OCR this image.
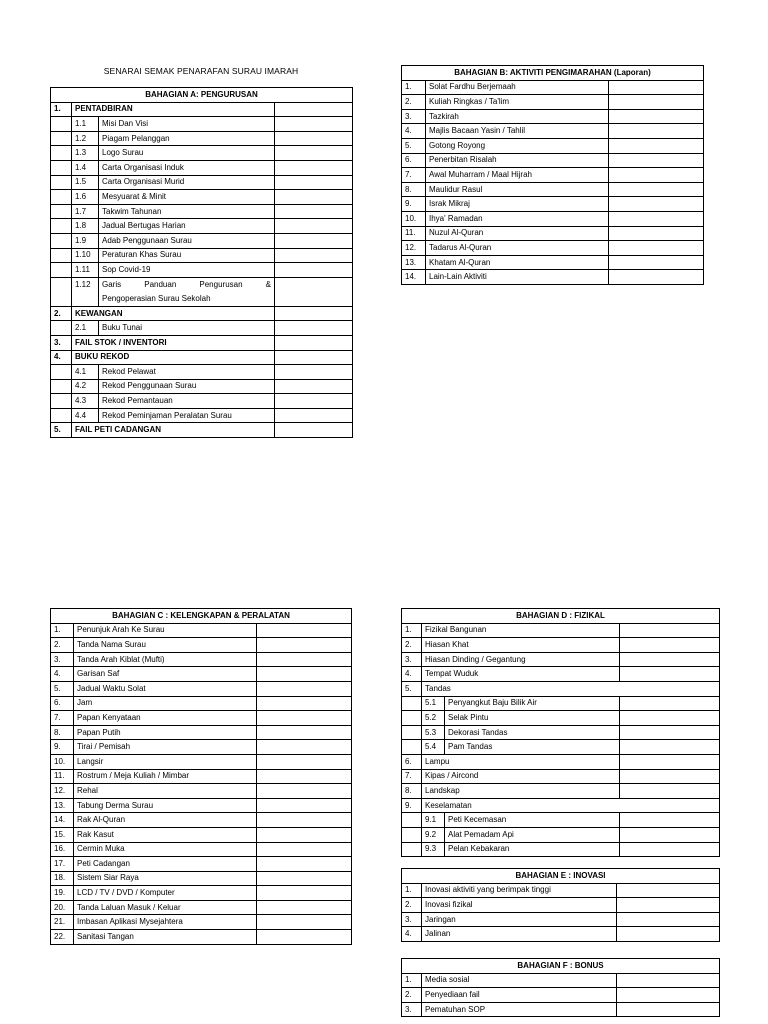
SENARAI SEMAK PENARAFAN SURAU IMARAH
BAHAGIAN A: PENGURUSAN			
1.	PENTADBIRAN		
	1.1	Misi Dan Visi	
	1.2	Piagam Pelanggan	
	1.3	Logo Surau	
	1.4	Carta Organisasi Induk	
	1.5	Carta Organisasi Murid	
	1.6	Mesyuarat & Minit	
	1.7	Takwim Tahunan	
	1.8	Jadual Bertugas Harian	
	1.9	Adab Penggunaan Surau	
	1.10	Peraturan Khas Surau	
	1.11	Sop Covid-19	
	1.12	Garis Panduan Pengurusan &
Pengoperasian Surau Sekolah	
2.	KEWANGAN		
	2.1	Buku Tunai	
3.	FAIL STOK / INVENTORI		
4.	BUKU REKOD		
	4.1	Rekod Pelawat	
	4.2	Rekod Penggunaan Surau	
	4.3	Rekod Pemantauan	
	4.4	Rekod Peminjaman Peralatan Surau	
5.	FAIL PETI CADANGAN		
BAHAGIAN B: AKTIVITI PENGIMARAHAN (Laporan)		
1.	Solat Fardhu Berjemaah	
2.	Kuliah Ringkas / Ta'lim	
3.	Tazkirah	
4.	Majlis Bacaan Yasin / Tahlil	
5.	Gotong Royong	
6.	Penerbitan Risalah	
7.	Awal Muharram / Maal Hijrah	
8.	Maulidur Rasul	
9.	Israk Mikraj	
10.	Ihya' Ramadan	
11.	Nuzul Al-Quran	
12.	Tadarus Al-Quran	
13.	Khatam Al-Quran	
14.	Lain-Lain Aktiviti	
BAHAGIAN C : KELENGKAPAN & PERALATAN		
1.	Penunjuk Arah Ke Surau	
2.	Tanda Nama Surau	
3.	Tanda Arah Kiblat (Mufti)	
4.	Garisan Saf	
5.	Jadual Waktu Solat	
6.	Jam	
7.	Papan Kenyataan	
8.	Papan Putih	
9.	Tirai / Pemisah	
10.	Langsir	
11.	Rostrum / Meja Kuliah / Mimbar	
12.	Rehal	
13.	Tabung Derma Surau	
14.	Rak Al-Quran	
15.	Rak Kasut	
16.	Cermin Muka	
17.	Peti Cadangan	
18.	Sistem Siar Raya	
19.	LCD / TV / DVD / Komputer	
20.	Tanda Laluan Masuk / Keluar	
21.	Imbasan Aplikasi Mysejahtera	
22.	Sanitasi Tangan	
BAHAGIAN D : FIZIKAL			
1.	Fizikal Bangunan		
2.	Hiasan Khat		
3.	Hiasan Dinding / Gegantung		
4.	Tempat Wuduk		
5.	Tandas		
	5.1	Penyangkut Baju Bilik Air	
	5.2	Selak Pintu	
	5.3	Dekorasi Tandas	
	5.4	Pam Tandas	
6.	Lampu		
7.	Kipas / Aircond		
8.	Landskap		
9.	Keselamatan		
	9.1	Peti Kecemasan	
	9.2	Alat Pemadam Api	
	9.3	Pelan Kebakaran	
BAHAGIAN E : INOVASI		
1.	Inovasi aktiviti yang berimpak tinggi	
2.	Inovasi fizikal	
3.	Jaringan	
4.	Jalinan	
BAHAGIAN F : BONUS		
1.	Media sosial	
2.	Penyediaan fail	
3.	Pematuhan SOP	
